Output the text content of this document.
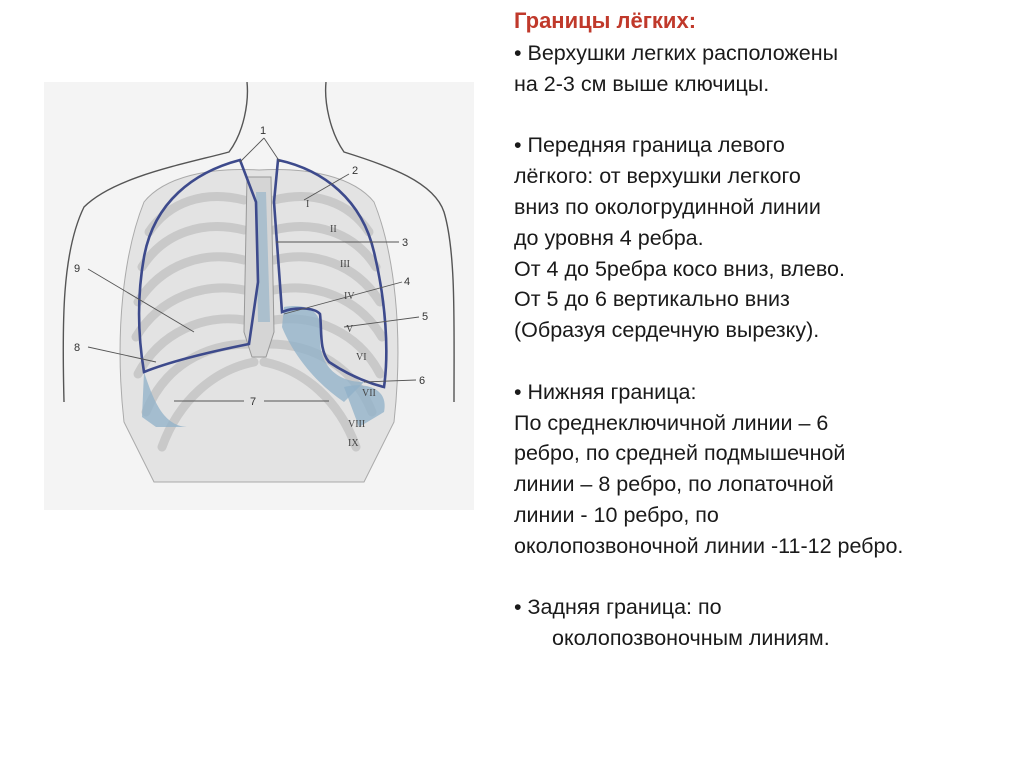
1
2
3
4
5
6
7
8
9
I
II
III
IV
V
VI
VII
VIII
IX

Границы лёгких:

• Верхушки легких расположены

на 2-3 см выше ключицы.

• Передняя граница левого

лёгкого: от верхушки легкого

вниз по окологрудинной линии

до уровня 4 ребра.

От 4 до 5ребра косо вниз, влево.

От 5 до 6 вертикально вниз

(Образуя сердечную вырезку).

• Нижняя граница:

По среднеключичной линии – 6

ребро, по средней подмышечной

линии – 8 ребро, по лопаточной

линии - 10 ребро, по

околопозвоночной линии -11-12 ребро.

• Задняя граница: по

околопозвоночным линиям.
